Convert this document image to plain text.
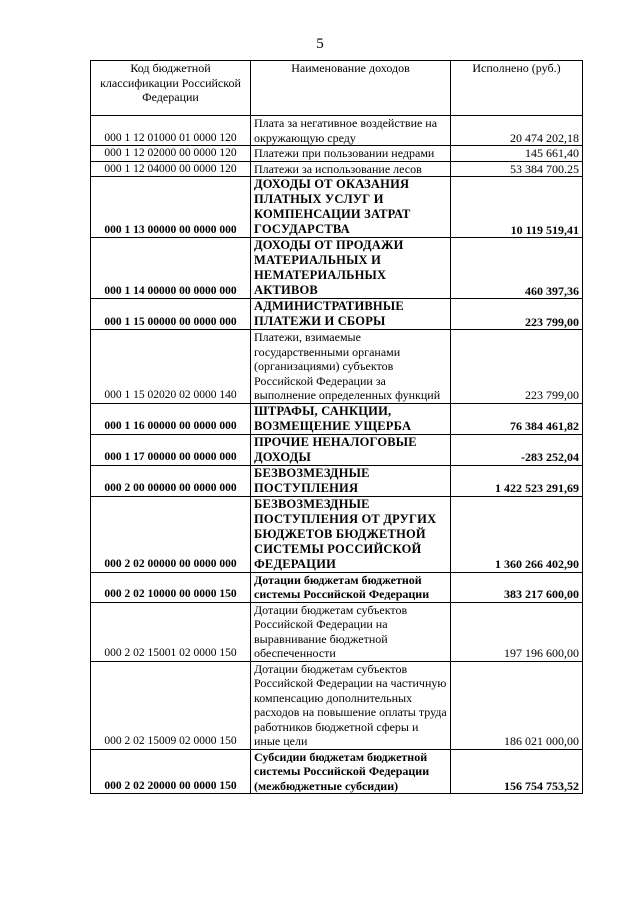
5
Код бюджетной классификации Российской Федерации	Наименование доходов	Исполнено (руб.)
000 1 12 01000 01 0000 120	Плата за негативное воздействие на окружающую среду	20 474 202,18
000 1 12 02000 00 0000 120	Платежи при пользовании недрами	145 661,40
000 1 12 04000 00 0000 120	Платежи за использование лесов	53 384 700.25
000 1 13 00000 00 0000 000	ДОХОДЫ ОТ ОКАЗАНИЯ ПЛАТНЫХ УСЛУГ И КОМПЕНСАЦИИ ЗАТРАТ ГОСУДАРСТВА	10 119 519,41
000 1 14 00000 00 0000 000	ДОХОДЫ ОТ ПРОДАЖИ МАТЕРИАЛЬНЫХ И НЕМАТЕРИАЛЬНЫХ АКТИВОВ	460 397,36
000 1 15 00000 00 0000 000	АДМИНИСТРАТИВНЫЕ ПЛАТЕЖИ И СБОРЫ	223 799,00
000 1 15 02020 02 0000 140	Платежи, взимаемые государственными органами (организациями) субъектов Российской Федерации за выполнение определенных функций	223 799,00
000 1 16 00000 00 0000 000	ШТРАФЫ, САНКЦИИ, ВОЗМЕЩЕНИЕ УЩЕРБА	76 384 461,82
000 1 17 00000 00 0000 000	ПРОЧИЕ НЕНАЛОГОВЫЕ ДОХОДЫ	-283 252,04
000 2 00 00000 00 0000 000	БЕЗВОЗМЕЗДНЫЕ ПОСТУПЛЕНИЯ	1 422 523 291,69
000 2 02 00000 00 0000 000	БЕЗВОЗМЕЗДНЫЕ ПОСТУПЛЕНИЯ ОТ ДРУГИХ БЮДЖЕТОВ БЮДЖЕТНОЙ СИСТЕМЫ РОССИЙСКОЙ ФЕДЕРАЦИИ	1 360 266 402,90
000 2 02 10000 00 0000 150	Дотации бюджетам бюджетной системы Российской Федерации	383 217 600,00
000 2 02 15001 02 0000 150	Дотации бюджетам субъектов Российской Федерации на выравнивание бюджетной обеспеченности	197 196 600,00
000 2 02 15009 02 0000 150	Дотации бюджетам субъектов Российской Федерации на частичную компенсацию дополнительных расходов на повышение оплаты труда работников бюджетной сферы и иные цели	186 021 000,00
000 2 02 20000 00 0000 150	Субсидии бюджетам бюджетной системы Российской Федерации (межбюджетные субсидии)	156 754 753,52
